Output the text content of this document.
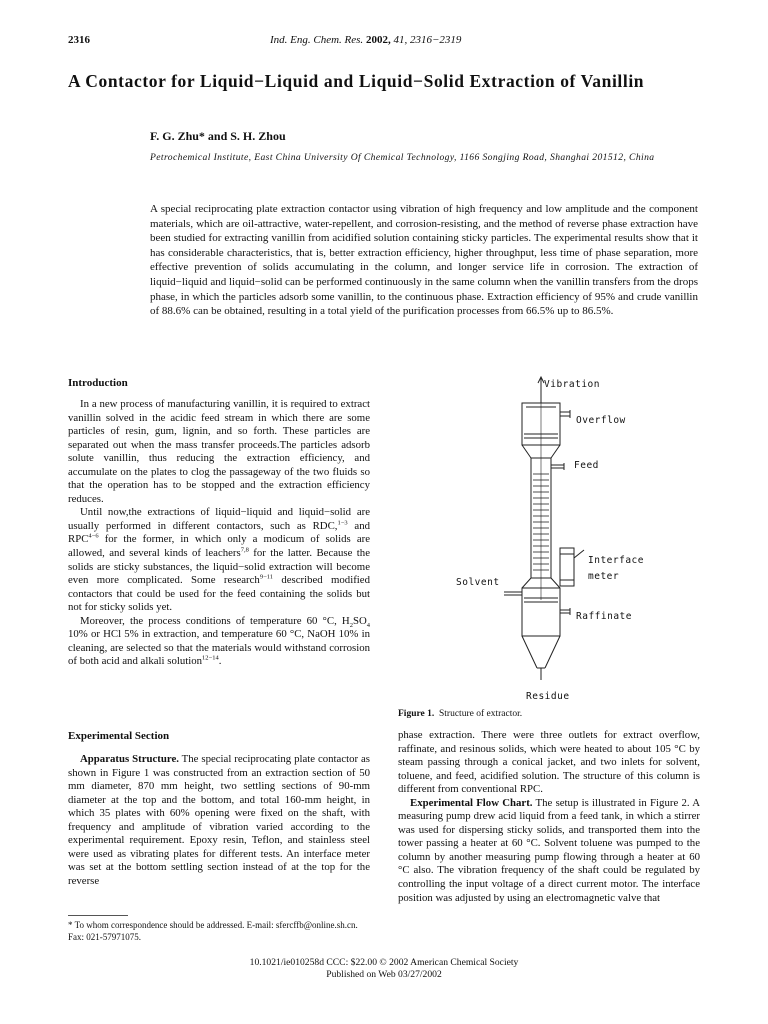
2316	Ind. Eng. Chem. Res. 2002, 41, 2316−2319
A Contactor for Liquid−Liquid and Liquid−Solid Extraction of Vanillin
F. G. Zhu* and S. H. Zhou
Petrochemical Institute, East China University Of Chemical Technology, 1166 Songjing Road, Shanghai 201512, China
A special reciprocating plate extraction contactor using vibration of high frequency and low amplitude and the component materials, which are oil-attractive, water-repellent, and corrosion-resisting, and the method of reverse phase extraction have been studied for extracting vanillin from acidified solution containing sticky particles. The experimental results show that it has considerable characteristics, that is, better extraction efficiency, higher throughput, less time of phase separation, more effective prevention of solids accumulating in the column, and longer service life in corrosion. The extraction of liquid−liquid and liquid−solid can be performed continuously in the same column when the vanillin transfers from the drops phase, in which the particles adsorb some vanillin, to the continuous phase. Extraction efficiency of 95% and crude vanillin of 88.6% can be obtained, resulting in a total yield of the purification processes from 66.5% up to 86.5%.
Introduction

In a new process of manufacturing vanillin, it is required to extract vanillin solved in the acidic feed stream in which there are some particles of resin, gum, lignin, and so forth. These particles are separated out when the mass transfer proceeds.The particles adsorb solute vanillin, thus reducing the extraction efficiency, and accumulate on the plates to clog the passageway of the two fluids so that the operation has to be stopped and the extraction efficiency reduces.

Until now,the extractions of liquid−liquid and liquid−solid are usually performed in different contactors, such as RDC,$^{1-3}$ and $RPC^{4-6}$ for the former, in which only a modicum of solids are allowed, and several kinds of leachers$^{7,8}$ for the latter. Because the solids are sticky substances, the liquid−solid extraction will become even more complicated. Some research$^{9-11}$ described modified contactors that could be used for the feed containing the solids but not for sticky solids yet.

Moreover, the process conditions of temperature 60 °C, $H_2SO_4$ 10% or HCl 5% in extraction, and temperature 60 °C, NaOH 10% in cleaning, are selected so that the materials would withstand corrosion of both acid and alkali solution$^{12-14}$.

Experimental Section

Apparatus Structure. The special reciprocating plate contactor as shown in Figure 1 was constructed from an extraction section of 50 mm diameter, 870 mm height, two settling sections of 90-mm diameter at the top and the bottom, and total 160-mm height, in which 35 plates with 60% opening were fixed on the shaft, with frequency and amplitude of vibration varied according to the experimental requirement. Epoxy resin, Teflon, and stainless steel were used as vibrating plates for different tests. An interface meter was set at the bottom settling section instead of at the top for the reverse

phase extraction. There were three outlets for extract overflow, raffinate, and resinous solids, which were heated to about 105 °C by steam passing through a conical jacket, and two inlets for solvent, toluene, and feed, acidified solution. The structure of this column is different from conventional RPC.

Experimental Flow Chart. The setup is illustrated in Figure 2. A measuring pump drew acid liquid from a feed tank, in which a stirrer was used for dispersing sticky solids, and transported them into the tower passing a heater at 60 °C. Solvent toluene was pumped to the column by another measuring pump flowing through a heater at 60 °C also. The vibration frequency of the shaft could be regulated by controlling the input voltage of a direct current motor. The interface position was adjusted by using an electromagnetic valve that

Vibration
Overflow
Feed
Interface
meter
Solvent
Raffinate
Residue
Figure 1. Structure of extractor.
* To whom correspondence should be addressed. E-mail: sfercffb@online.sh.cn. Fax: 021-57971075.
10.1021/ie010258d CCC: $22.00 © 2002 American Chemical Society
Published on Web 03/27/2002
